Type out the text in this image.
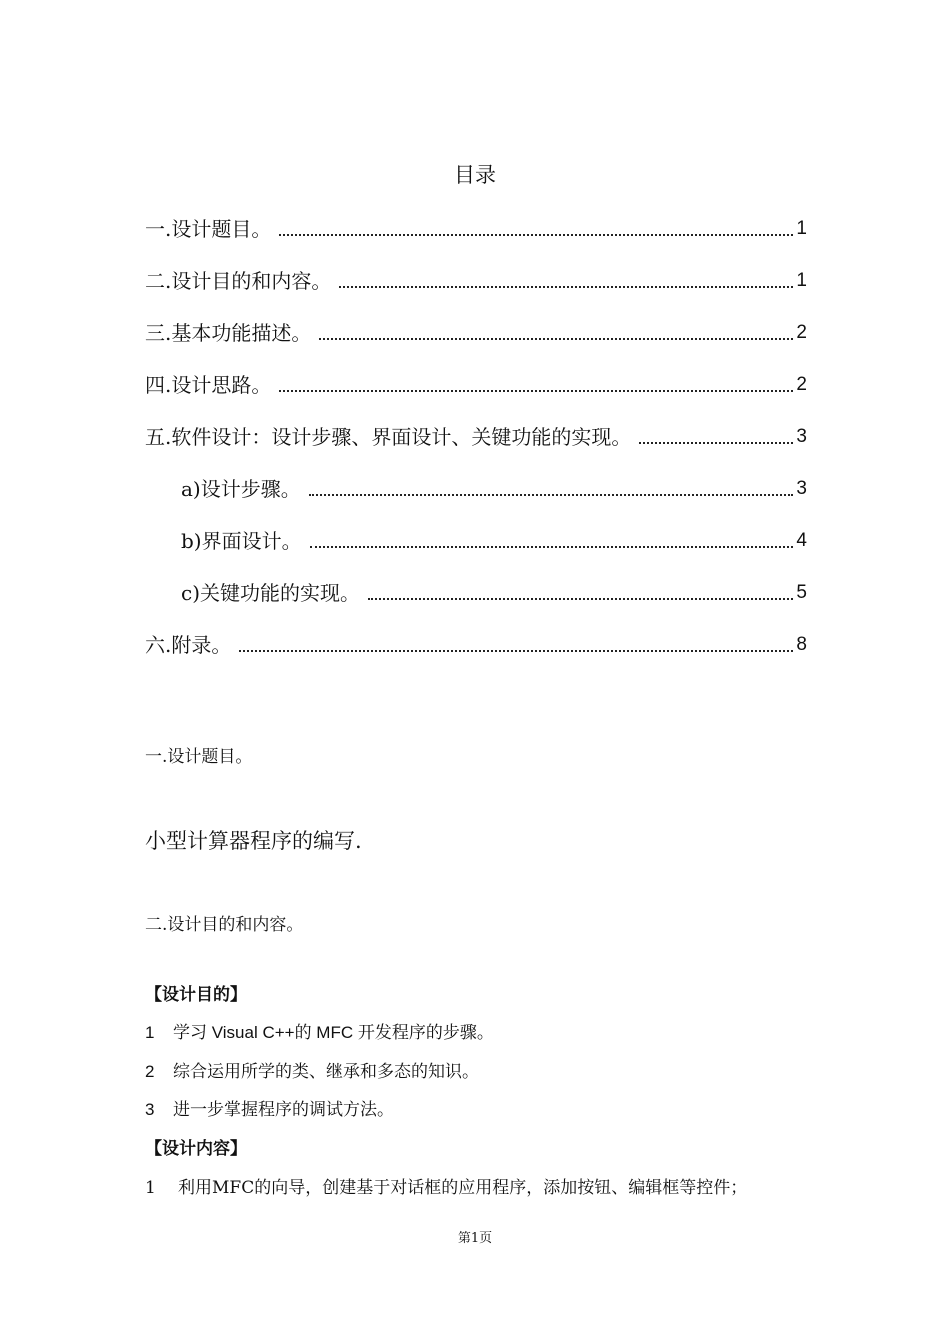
目录
一.设计题目。	1
二.设计目的和内容。	1
三.基本功能描述。	2
四.设计思路。	2
五.软件设计：设计步骤、界面设计、关键功能的实现。	3
a)设计步骤。	3
b)界面设计。	4
c)关键功能的实现。	5
六.附录。	8
一.设计题目。
小型计算器程序的编写.
二.设计目的和内容。
【设计目的】
1 学习 Visual C++的 MFC 开发程序的步骤。
2 综合运用所学的类、继承和多态的知识。
3 进一步掌握程序的调试方法。
【设计内容】
1 利用MFC的向导，创建基于对话框的应用程序，添加按钮、编辑框等控件；
第1页
